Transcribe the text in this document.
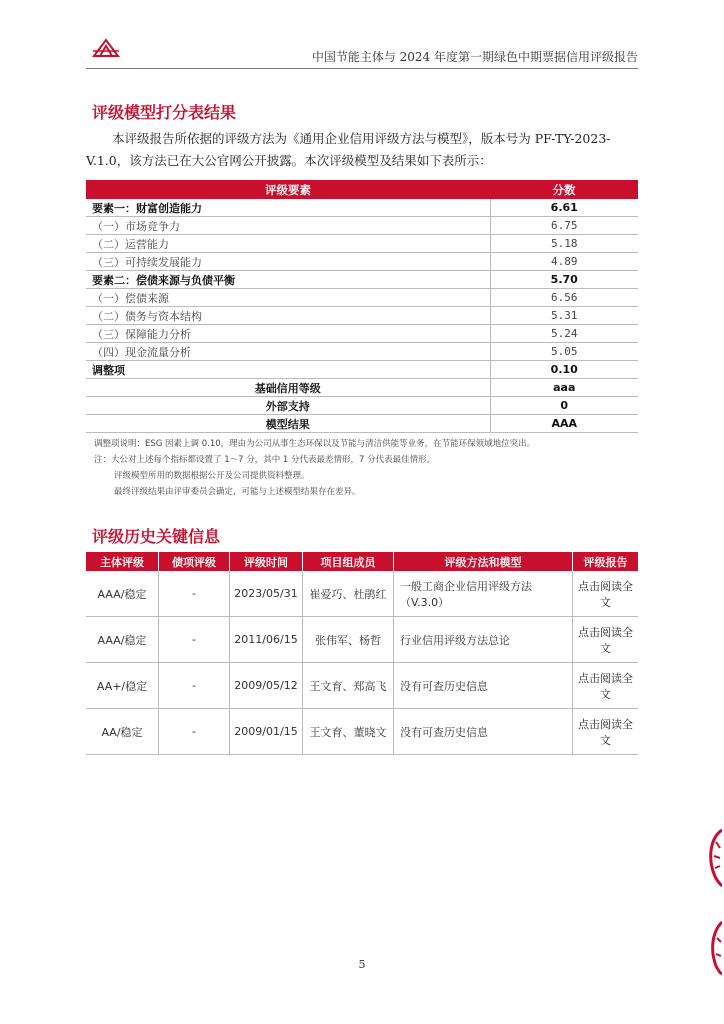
中国节能主体与 2024 年度第一期绿色中期票据信用评级报告
评级模型打分表结果
本评级报告所依据的评级方法为《通用企业信用评级方法与模型》，版本号为 PF-TY-2023-V.1.0，该方法已在大公官网公开披露。本次评级模型及结果如下表所示：
评级要素	分数
要素一：财富创造能力	6.61
（一）市场竞争力	6.75
（二）运营能力	5.18
（三）可持续发展能力	4.89
要素二：偿债来源与负债平衡	5.70
（一）偿债来源	6.56
（二）债务与资本结构	5.31
（三）保障能力分析	5.24
（四）现金流量分析	5.05
调整项	0.10
基础信用等级	aaa
外部支持	0
模型结果	AAA
调整项说明：ESG 因素上调 0.10，理由为公司从事生态环保以及节能与清洁供能等业务，在节能环保领域地位突出。
注：大公对上述每个指标都设置了 1～7 分，其中 1 分代表最差情形，7 分代表最佳情形。
评级模型所用的数据根据公开及公司提供资料整理。
最终评级结果由评审委员会确定，可能与上述模型结果存在差异。
评级历史关键信息
主体评级	债项评级	评级时间	项目组成员	评级方法和模型	评级报告
AAA/稳定	-	2023/05/31	崔爱巧、杜鹃红	一般工商企业信用评级方法（V.3.0）	点击阅读全文
AAA/稳定	-	2011/06/15	张伟军、杨哲	行业信用评级方法总论	点击阅读全文
AA+/稳定	-	2009/05/12	王文育、郑高飞	没有可查历史信息	点击阅读全文
AA/稳定	-	2009/01/15	王文育、董晓文	没有可查历史信息	点击阅读全文
5
